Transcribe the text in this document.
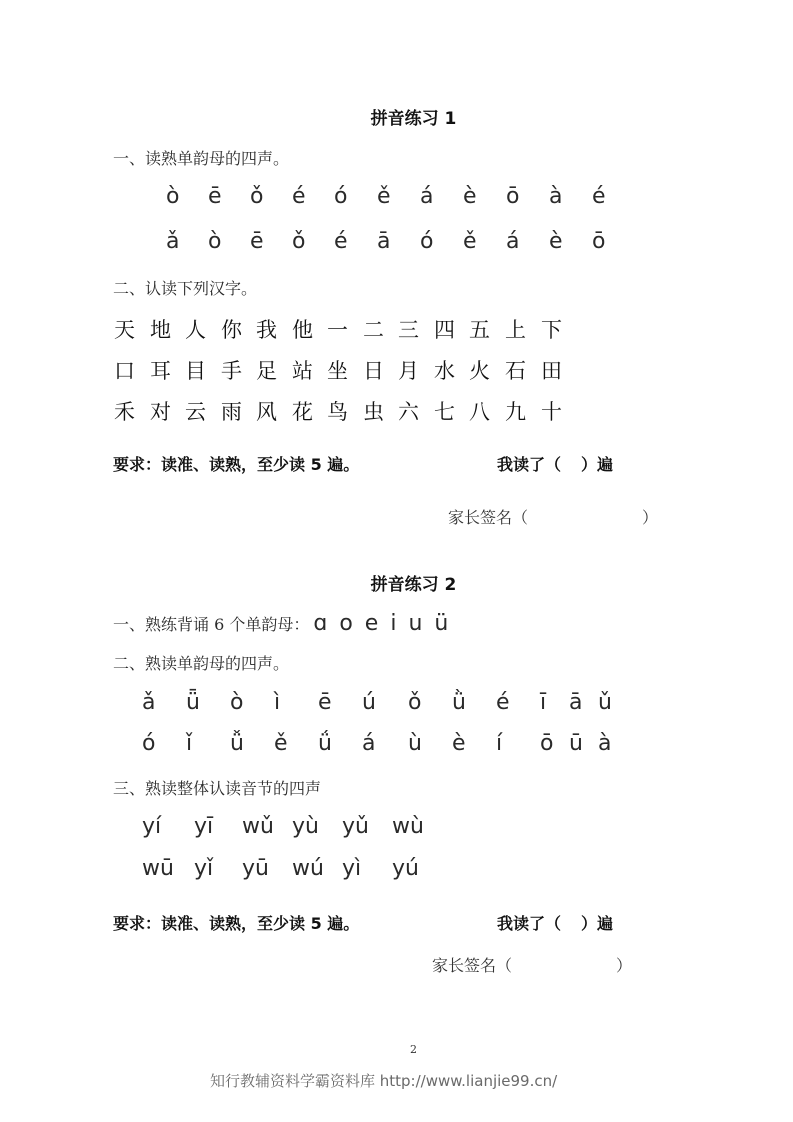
拼音练习 1
一、读熟单韵母的四声。
ò ē ǒ é ó ě á è ō à é
ǎ ò ē ǒ é ā ó ě á è ō
二、认读下列汉字。
天 地 人 你 我 他 一 二 三 四 五 上 下
口 耳 目 手 足 站 坐 日 月 水 火 石 田
禾 对 云 雨 风 花 鸟 虫 六 七 八 九 十
要求：读准、读熟，至少读 5 遍。	我读了（ ）遍
家长签名（	）
拼音练习 2
一、熟练背诵 6 个单韵母： ɑ o e i u ü
二、熟读单韵母的四声。
ǎ ǖ ò ì ē ú ǒ ǜ é ī ā ǔ
ó ǐ ǚ ě ǘ á ù è í ō ū à
三、熟读整体认读音节的四声
yí yī wǔ yù yǔ wù
wū yǐ yū wú yì yú
要求：读准、读熟，至少读 5 遍。	我读了（ ）遍
家长签名（	）
2
知行教辅资料学霸资料库 http://www.lianjie99.cn/
